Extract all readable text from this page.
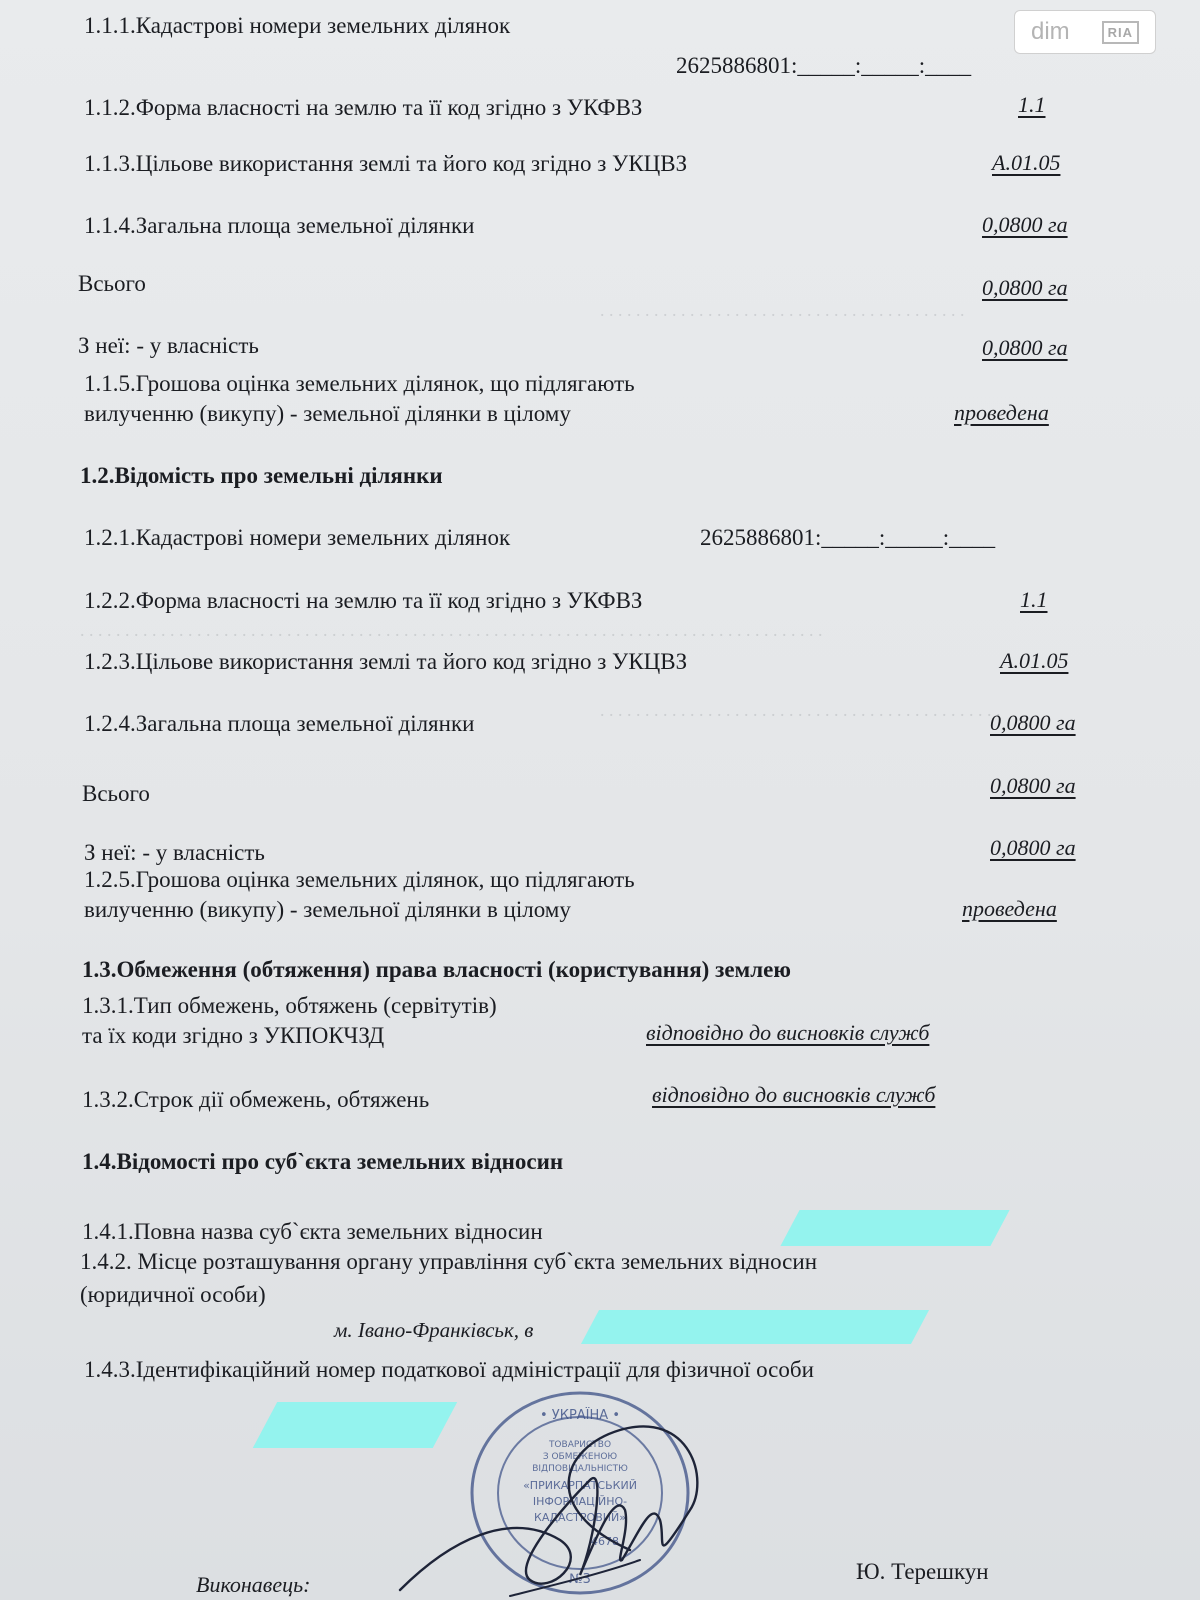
. . . . . . . . . . . . . . . . . . . . . . . . . . . . . . . . . . . . . . . . .
. . . . . . . . . . . . . . . . . . . . . . . . . . . . . . . . . . . . . . . . . . . . . . . . . . . . . . . . . . . . . . . . . . . . . . . . . . . . . . . . . . .
. . . . . . . . . . . . . . . . . . . . . . . . . . . . . . . . . . . . . . . . . . . . .
dim	RIA
1.1.1.Кадастрові номери земельних ділянок
2625886801:_____:_____:____
1.1.2.Форма власності на землю та її код згідно з УКФВЗ	1.1
1.1.3.Цільове використання землі та його код згідно з УКЦВЗ	А.01.05
1.1.4.Загальна площа земельної ділянки	0,0800 га
Всього	0,0800 га
З неї: - у власність	0,0800 га
1.1.5.Грошова оцінка земельних ділянок, що підлягають
вилученню (викупу) - земельної ділянки в цілому	проведена
1.2.Відомість про земельні ділянки
1.2.1.Кадастрові номери земельних ділянок	2625886801:_____:_____:____
1.2.2.Форма власності на землю та її код згідно з УКФВЗ	1.1
1.2.3.Цільове використання землі та його код згідно з УКЦВЗ	А.01.05
1.2.4.Загальна площа земельної ділянки	0,0800 га
Всього	0,0800 га
З неї: - у власність	0,0800 га
1.2.5.Грошова оцінка земельних ділянок, що підлягають
вилученню (викупу) - земельної ділянки в цілому	проведена
1.3.Обмеження (обтяження) права власності (користування) землею
1.3.1.Тип обмежень, обтяжень (сервітутів)
та їх коди згідно з УКПОКЧЗД	відповідно до висновків служб
1.3.2.Строк дії обмежень, обтяжень	відповідно до висновків служб
1.4.Відомості про суб`єкта земельних відносин
1.4.1.Повна назва суб`єкта земельних відносин
1.4.2. Місце розташування органу управління суб`єкта земельних відносин
(юридичної особи)
м. Івано-Франківськ, в
1.4.3.Ідентифікаційний номер податкової адміністрації для фізичної особи
• УКРАЇНА •
ТОВАРИСТВО
З ОБМЕЖЕНОЮ
ВІДПОВІДАЛЬНІСТЮ
«ПРИКАРПАТСЬКИЙ
ІНФОРМАЦІЙНО-
КАДАСТРОВИЙ»
4678
№3
Виконавець:
Ю. Терешкун
